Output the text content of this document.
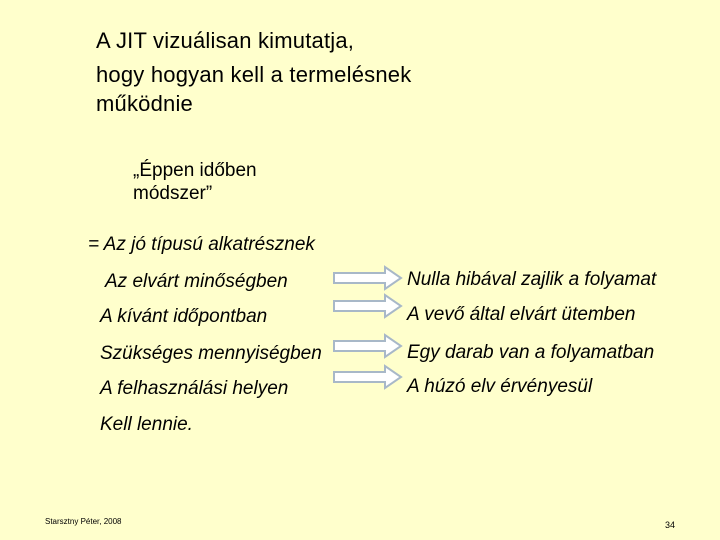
A JIT vizuálisan kimutatja,
hogy hogyan kell a termelésnek
működnie
„Éppen időben
módszer”
= Az jó típusú alkatrésznek
Az elvárt minőségben	Nulla hibával zajlik a folyamat
A kívánt időpontban	A vevő által elvárt ütemben
Szükséges mennyiségben	Egy darab van a folyamatban
A felhasználási helyen	A húzó elv érvényesül
Kell lennie.
Starsztny Péter, 2008	34
